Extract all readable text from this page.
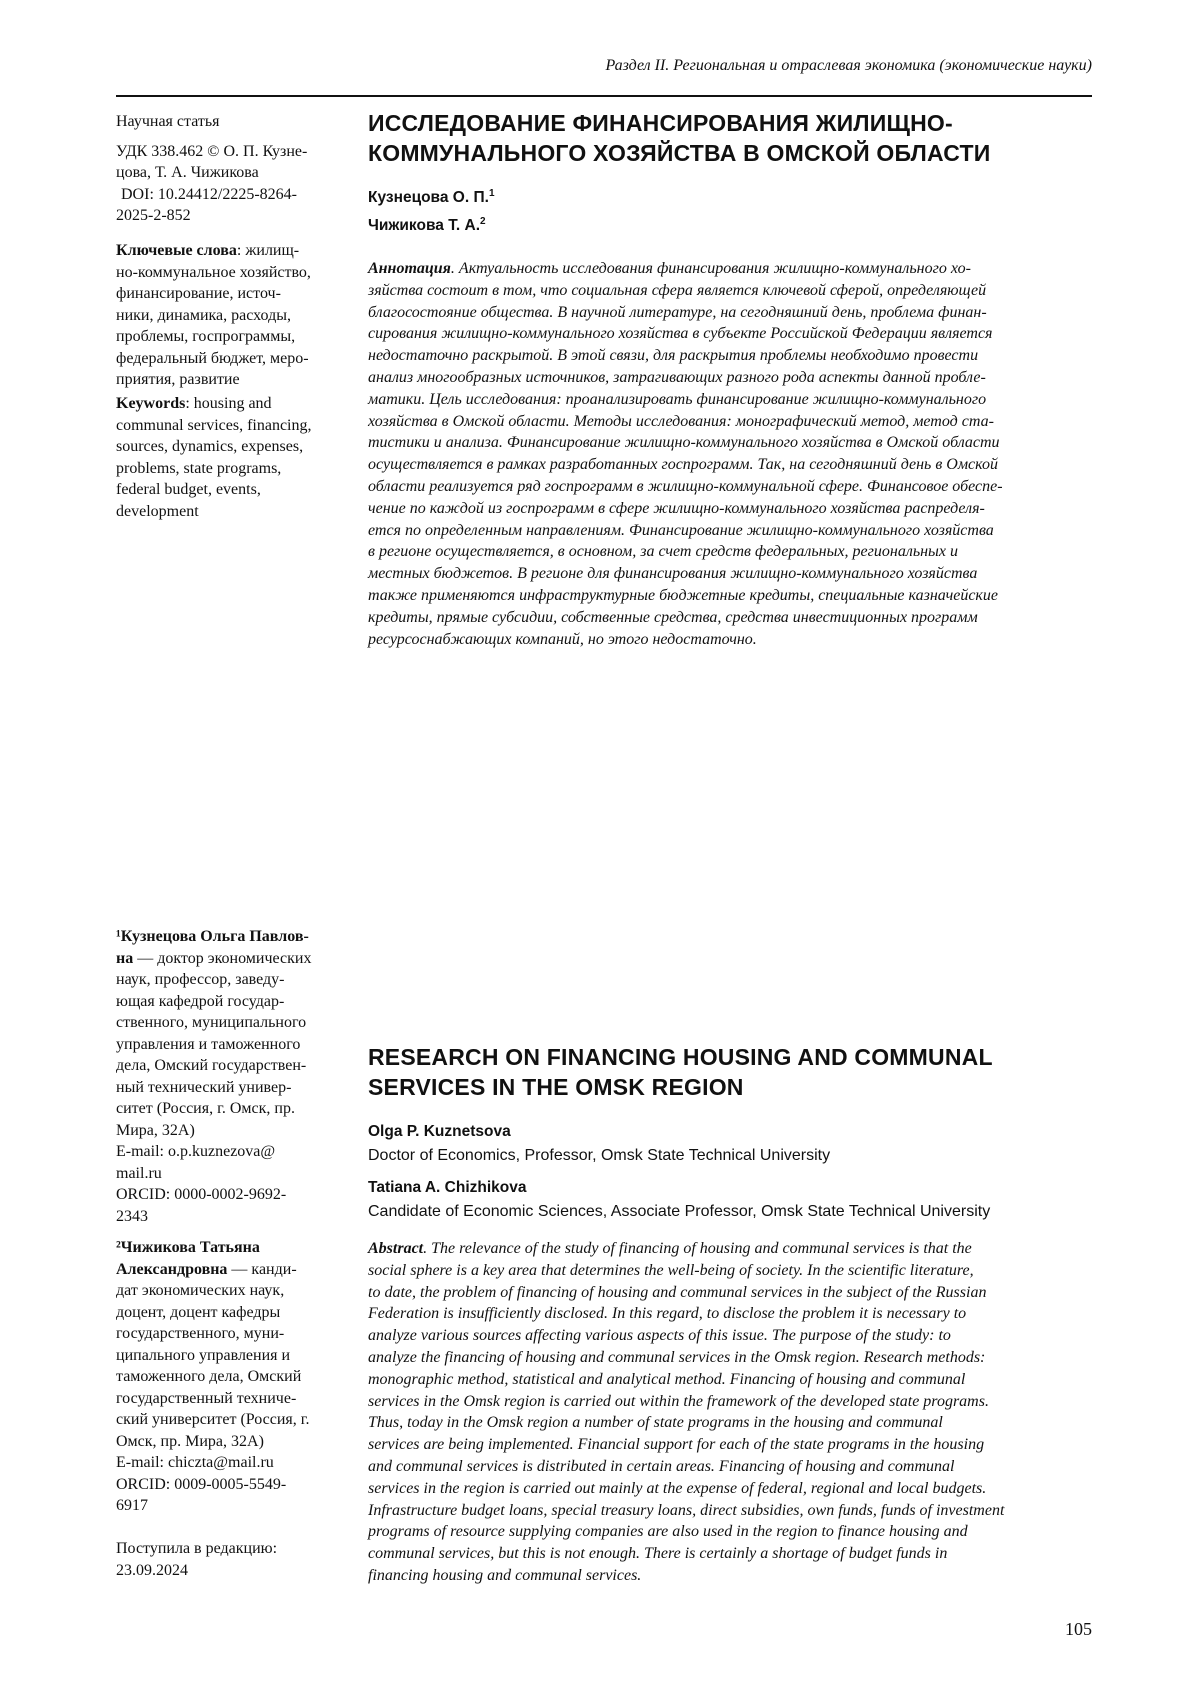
Раздел II. Региональная и отраслевая экономика (экономические науки)
Научная статья
УДК 338.462 © О. П. Кузне-
цова, Т. А. Чижикова
DOI: 10.24412/2225-8264-
2025-2-852
Ключевые слова: жилищ-
но-коммунальное хозяйство,
финансирование, источ-
ники, динамика, расходы,
проблемы, госпрограммы,
федеральный бюджет, меро-
приятия, развитие
Keywords: housing and
communal services, financing,
sources, dynamics, expenses,
problems, state programs,
federal budget, events,
development
¹Кузнецова Ольга Павлов-
на — доктор экономических
наук, профессор, заведу-
ющая кафедрой государ-
ственного, муниципального
управления и таможенного
дела, Омский государствен-
ный технический универ-
ситет (Россия, г. Омск, пр.
Мира, 32А)
E-mail: o.p.kuznezova@
mail.ru
ORCID: 0000-0002-9692-
2343
²Чижикова Татьяна
Александровна — канди-
дат экономических наук,
доцент, доцент кафедры
государственного, муни-
ципального управления и
таможенного дела, Омский
государственный техниче-
ский университет (Россия, г.
Омск, пр. Мира, 32А)
E-mail: chiczta@mail.ru
ORCID: 0009-0005-5549-
6917
Поступила в редакцию:
23.09.2024
ИССЛЕДОВАНИЕ ФИНАНСИРОВАНИЯ ЖИЛИЩНО-
КОММУНАЛЬНОГО ХОЗЯЙСТВА В ОМСКОЙ ОБЛАСТИ
Кузнецова О. П.1
Чижикова Т. А.2
Аннотация. Актуальность исследования финансирования жилищно-коммунального хо-
зяйства состоит в том, что социальная сфера является ключевой сферой, определяющей
благосостояние общества. В научной литературе, на сегодняшний день, проблема финан-
сирования жилищно-коммунального хозяйства в субъекте Российской Федерации является
недостаточно раскрытой. В этой связи, для раскрытия проблемы необходимо провести
анализ многообразных источников, затрагивающих разного рода аспекты данной пробле-
матики. Цель исследования: проанализировать финансирование жилищно-коммунального
хозяйства в Омской области. Методы исследования: монографический метод, метод ста-
тистики и анализа. Финансирование жилищно-коммунального хозяйства в Омской области
осуществляется в рамках разработанных госпрограмм. Так, на сегодняшний день в Омской
области реализуется ряд госпрограмм в жилищно-коммунальной сфере. Финансовое обеспе-
чение по каждой из госпрограмм в сфере жилищно-коммунального хозяйства распределя-
ется по определенным направлениям. Финансирование жилищно-коммунального хозяйства
в регионе осуществляется, в основном, за счет средств федеральных, региональных и
местных бюджетов. В регионе для финансирования жилищно-коммунального хозяйства
также применяются инфраструктурные бюджетные кредиты, специальные казначейские
кредиты, прямые субсидии, собственные средства, средства инвестиционных программ
ресурсоснабжающих компаний, но этого недостаточно.
RESEARCH ON FINANCING HOUSING AND COMMUNAL
SERVICES IN THE OMSK REGION
Olga P. Kuznetsova
Doctor of Economics, Professor, Omsk State Technical University
Tatiana A. Chizhikova
Candidate of Economic Sciences, Associate Professor, Omsk State Technical University
Abstract. The relevance of the study of financing of housing and communal services is that the
social sphere is a key area that determines the well-being of society. In the scientific literature,
to date, the problem of financing of housing and communal services in the subject of the Russian
Federation is insufficiently disclosed. In this regard, to disclose the problem it is necessary to
analyze various sources affecting various aspects of this issue. The purpose of the study: to
analyze the financing of housing and communal services in the Omsk region. Research methods:
monographic method, statistical and analytical method. Financing of housing and communal
services in the Omsk region is carried out within the framework of the developed state programs.
Thus, today in the Omsk region a number of state programs in the housing and communal
services are being implemented. Financial support for each of the state programs in the housing
and communal services is distributed in certain areas. Financing of housing and communal
services in the region is carried out mainly at the expense of federal, regional and local budgets.
Infrastructure budget loans, special treasury loans, direct subsidies, own funds, funds of investment
programs of resource supplying companies are also used in the region to finance housing and
communal services, but this is not enough. There is certainly a shortage of budget funds in
financing housing and communal services.
105
